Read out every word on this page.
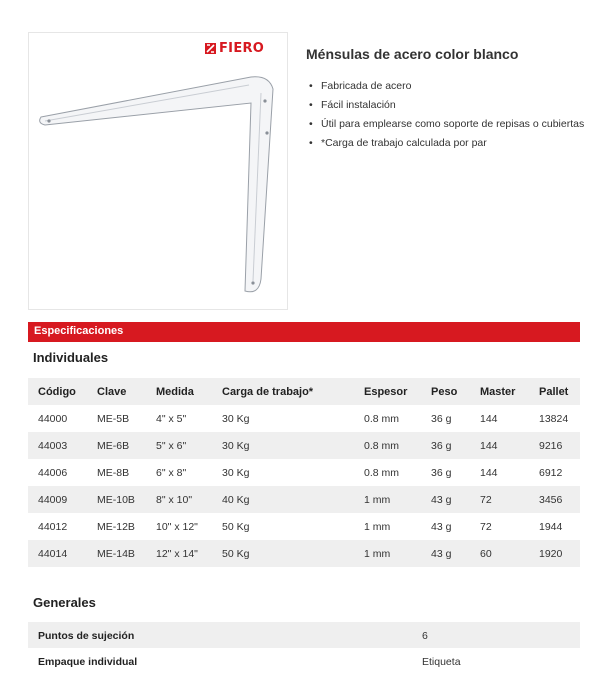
FIERO	Ménsulas de acero color blanco
• Fabricada de acero
• Fácil instalación
• Útil para emplearse como soporte de repisas o cubiertas
• *Carga de trabajo calculada por par
Especificaciones
Individuales
Código Clave	Medida	Carga de trabajo*	Espesor Peso Master Pallet
44000	ME-5B	4" x 5"	30 Kg	0.8 mm	36 g	144	13824
44003	ME-6B	5" x 6"	30 Kg	0.8 mm	36 g	144	9216
44006	ME-8B	6" x 8"	30 Kg	0.8 mm	36 g	144	6912
44009	ME-10B 8" x 10"	40 Kg	1 mm	43 g	72	3456
44012	ME-12B 10" x 12" 50 Kg	1 mm	43 g	72	1944
44014	ME-14B 12" x 14" 50 Kg	1 mm	43 g	60	1920
Generales
Puntos de sujeción	6
Empaque individual	Etiqueta
